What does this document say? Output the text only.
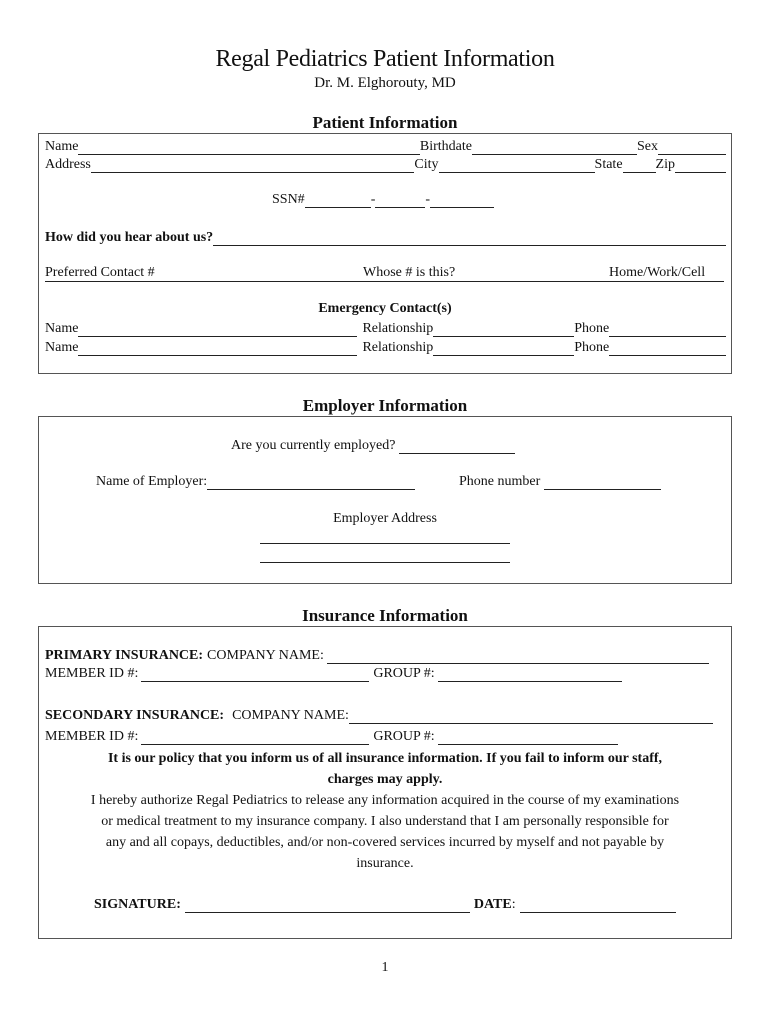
Regal Pediatrics Patient Information
Dr. M. Elghorouty, MD
Patient Information
Name	Birthdate	Sex
Address	City	State Zip
SSN#	-	-
How did you hear about us?
Preferred Contact #	Whose # is this?	Home/Work/Cell
Emergency Contact(s)
Name	Relationship	Phone
Name	Relationship	Phone
Employer Information
Are you currently employed?
Name of Employer:	Phone number
Employer Address
Insurance Information
PRIMARY INSURANCE: COMPANY NAME:
MEMBER ID #:	GROUP #:
SECONDARY INSURANCE: COMPANY NAME:
MEMBER ID #:	GROUP #:
It is our policy that you inform us of all insurance information. If you fail to inform our staff,
charges may apply.
I hereby authorize Regal Pediatrics to release any information acquired in the course of my examinations
or medical treatment to my insurance company. I also understand that I am personally responsible for
any and all copays, deductibles, and/or non-covered services incurred by myself and not payable by
insurance.
SIGNATURE:	DATE :
1
